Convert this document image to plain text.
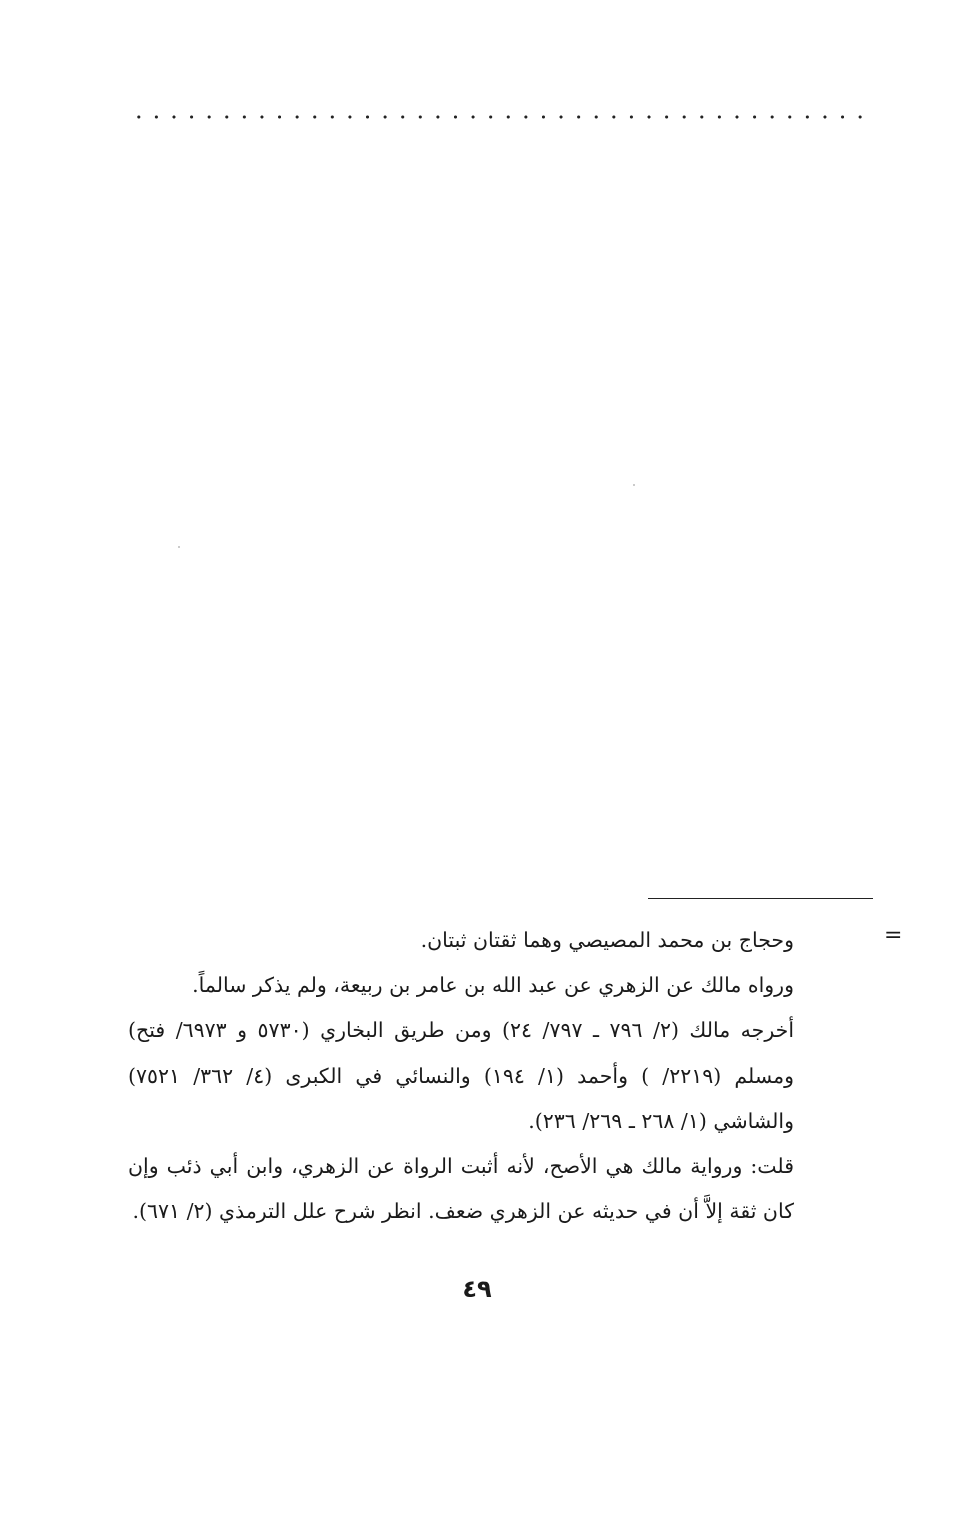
=

وحجاج بن محمد المصيصي وهما ثقتان ثبتان.

ورواه مالك عن الزهري عن عبد الله بن عامر بن ربيعة، ولم يذكر سالماً.

أخرجه مالك (٢/ ٧٩٦ ـ ٧٩٧/ ٢٤) ومن طريق البخاري (٥٧٣٠ و ٦٩٧٣/ فتح) ومسلم (٢٢١٩/ ) وأحمد (١/ ١٩٤) والنسائي في الكبرى (٤/ ٣٦٢/ ٧٥٢١) والشاشي (١/ ٢٦٨ ـ ٢٦٩/ ٢٣٦).

قلت: ورواية مالك هي الأصح، لأنه أثبت الرواة عن الزهري، وابن أبي ذئب وإن كان ثقة إلاَّ أن في حديثه عن الزهري ضعف. انظر شرح علل الترمذي (٢/ ٦٧١).

٤٩
